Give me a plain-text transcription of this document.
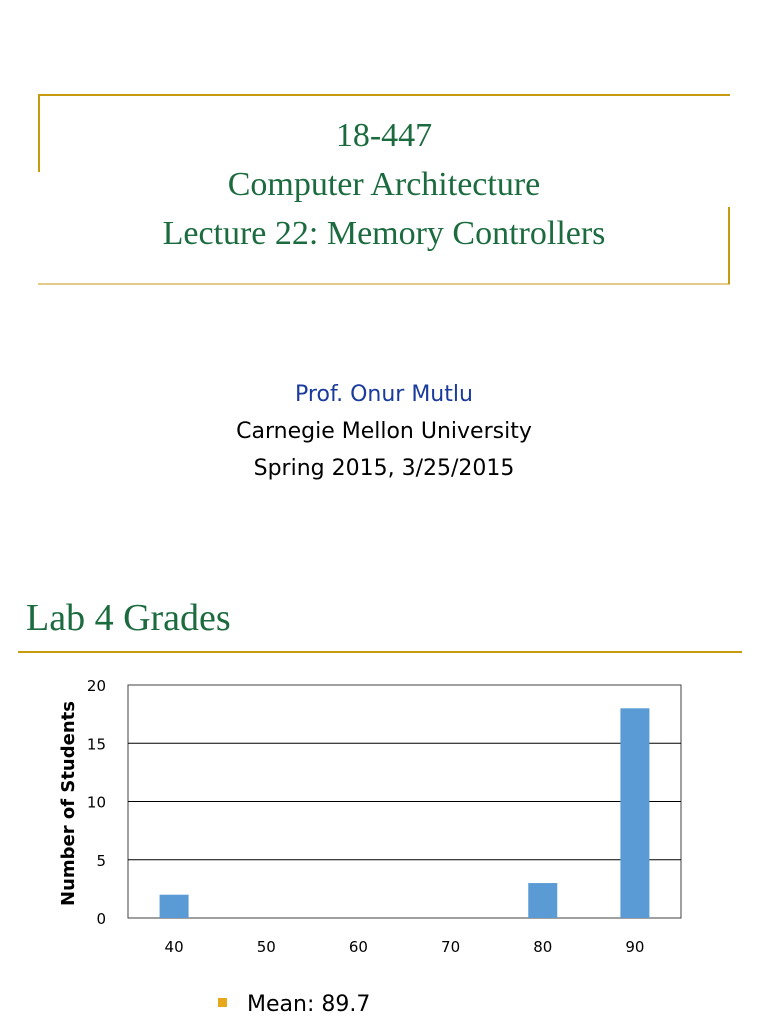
18-447
Computer Architecture
Lecture 22: Memory Controllers
Prof. Onur Mutlu
Carnegie Mellon University
Spring 2015, 3/25/2015
Lab 4 Grades
0
5
10
15
20
40	50	60	70	80	90
Number of Students
Mean: 89.7
